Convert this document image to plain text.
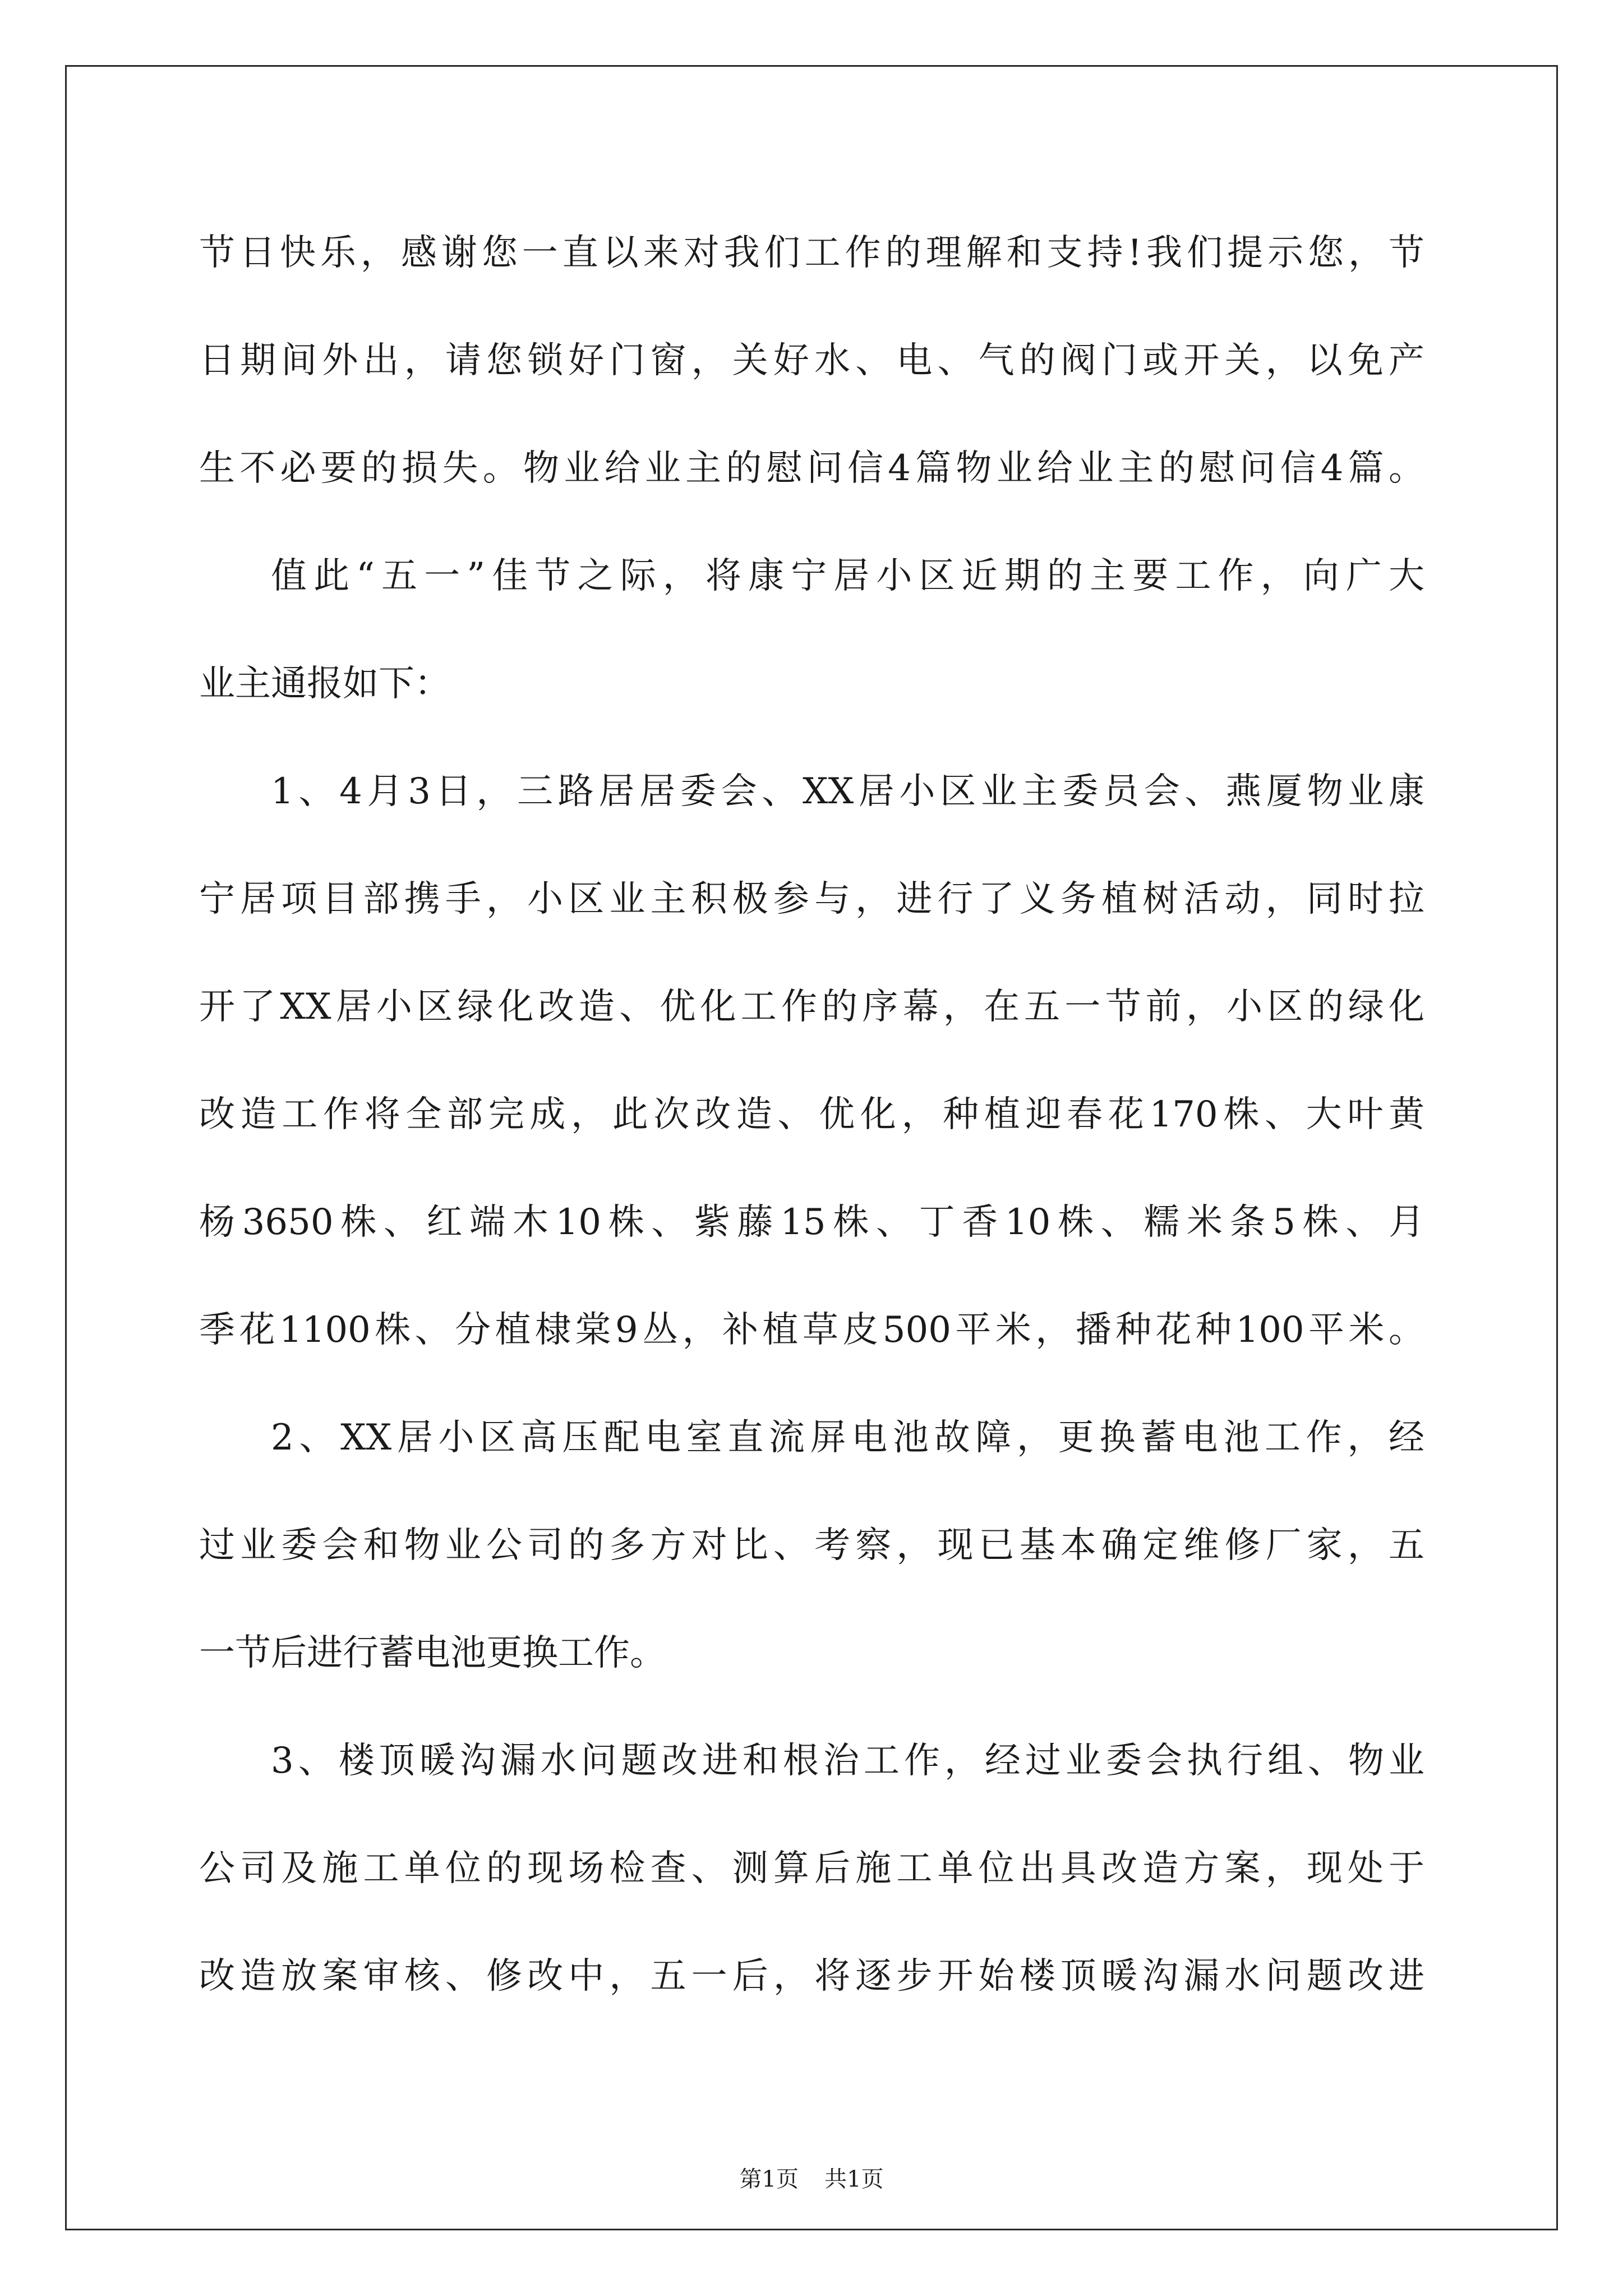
节日快乐，感谢您一直以来对我们工作的理解和支持!我们提示您，节
日期间外出，请您锁好门窗，关好水、电、气的阀门或开关，以免产
生不必要的损失。物业给业主的慰问信4篇物业给业主的慰问信4篇。
值此“五一”佳节之际，将康宁居小区近期的主要工作，向广大
业主通报如下：
1、4月3日，三路居居委会、XX居小区业主委员会、燕厦物业康
宁居项目部携手，小区业主积极参与，进行了义务植树活动，同时拉
开了XX居小区绿化改造、优化工作的序幕，在五一节前，小区的绿化
改造工作将全部完成，此次改造、优化，种植迎春花170株、大叶黄
杨3650株、红端木10株、紫藤15株、丁香10株、糯米条5株、月
季花1100株、分植棣棠9丛，补植草皮500平米，播种花种100平米。
2、XX居小区高压配电室直流屏电池故障，更换蓄电池工作，经
过业委会和物业公司的多方对比、考察，现已基本确定维修厂家，五
一节后进行蓄电池更换工作。
3、楼顶暖沟漏水问题改进和根治工作，经过业委会执行组、物业
公司及施工单位的现场检查、测算后施工单位出具改造方案，现处于
改造放案审核、修改中，五一后，将逐步开始楼顶暖沟漏水问题改进
第1页 共1页
